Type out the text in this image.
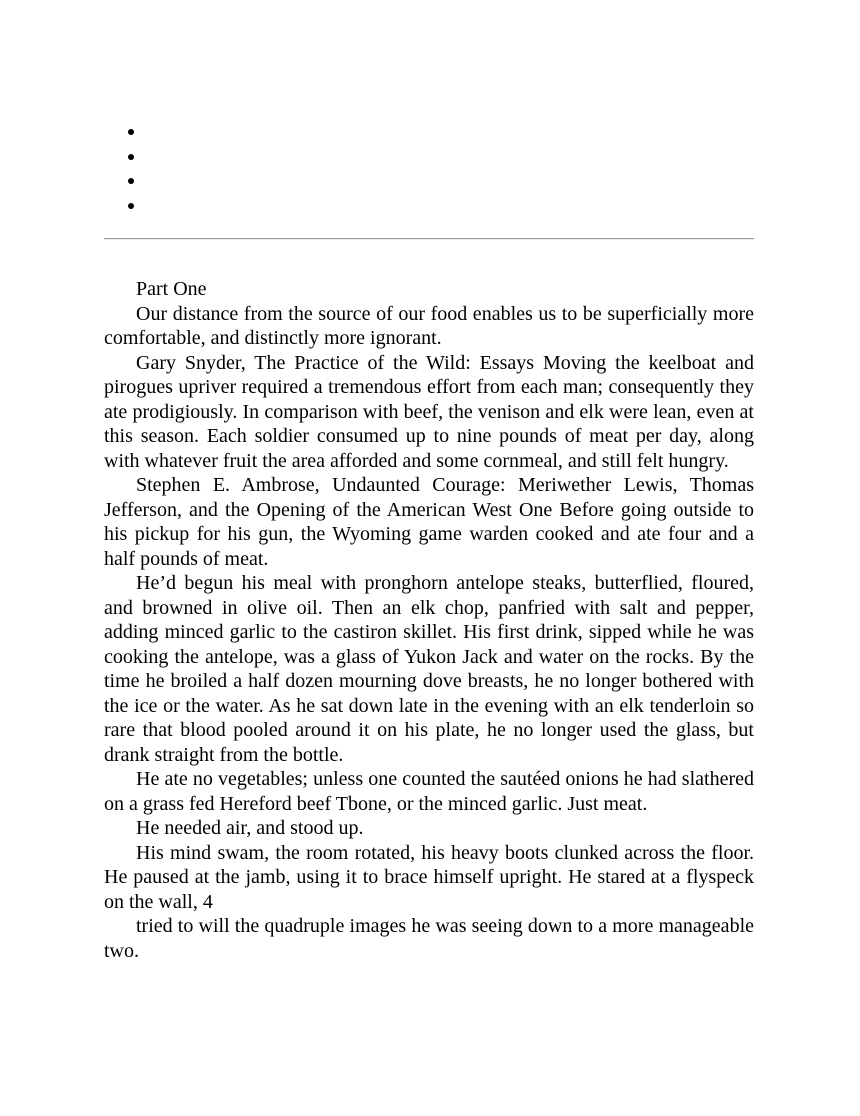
Part One

Our distance from the source of our food enables us to be superficially more comfortable, and distinctly more ignorant.

Gary Snyder, The Practice of the Wild: Essays Moving the keelboat and pirogues upriver required a tremendous effort from each man; consequently they ate prodigiously. In comparison with beef, the venison and elk were lean, even at this season. Each soldier consumed up to nine pounds of meat per day, along with whatever fruit the area afforded and some cornmeal, and still felt hungry.

Stephen E. Ambrose, Undaunted Courage: Meriwether Lewis, Thomas Jefferson, and the Opening of the American West One Before going outside to his pickup for his gun, the Wyoming game warden cooked and ate four and a half pounds of meat.

He’d begun his meal with pronghorn antelope steaks, butterflied, floured, and browned in olive oil. Then an elk chop, panfried with salt and pepper, adding minced garlic to the castiron skillet. His first drink, sipped while he was cooking the antelope, was a glass of Yukon Jack and water on the rocks. By the time he broiled a half dozen mourning dove breasts, he no longer bothered with the ice or the water. As he sat down late in the evening with an elk tenderloin so rare that blood pooled around it on his plate, he no longer used the glass, but drank straight from the bottle.

He ate no vegetables; unless one counted the sautéed onions he had slathered on a grass fed Hereford beef Tbone, or the minced garlic. Just meat.

He needed air, and stood up.

His mind swam, the room rotated, his heavy boots clunked across the floor. He paused at the jamb, using it to brace himself upright. He stared at a flyspeck on the wall, 4

tried to will the quadruple images he was seeing down to a more manageable two.
